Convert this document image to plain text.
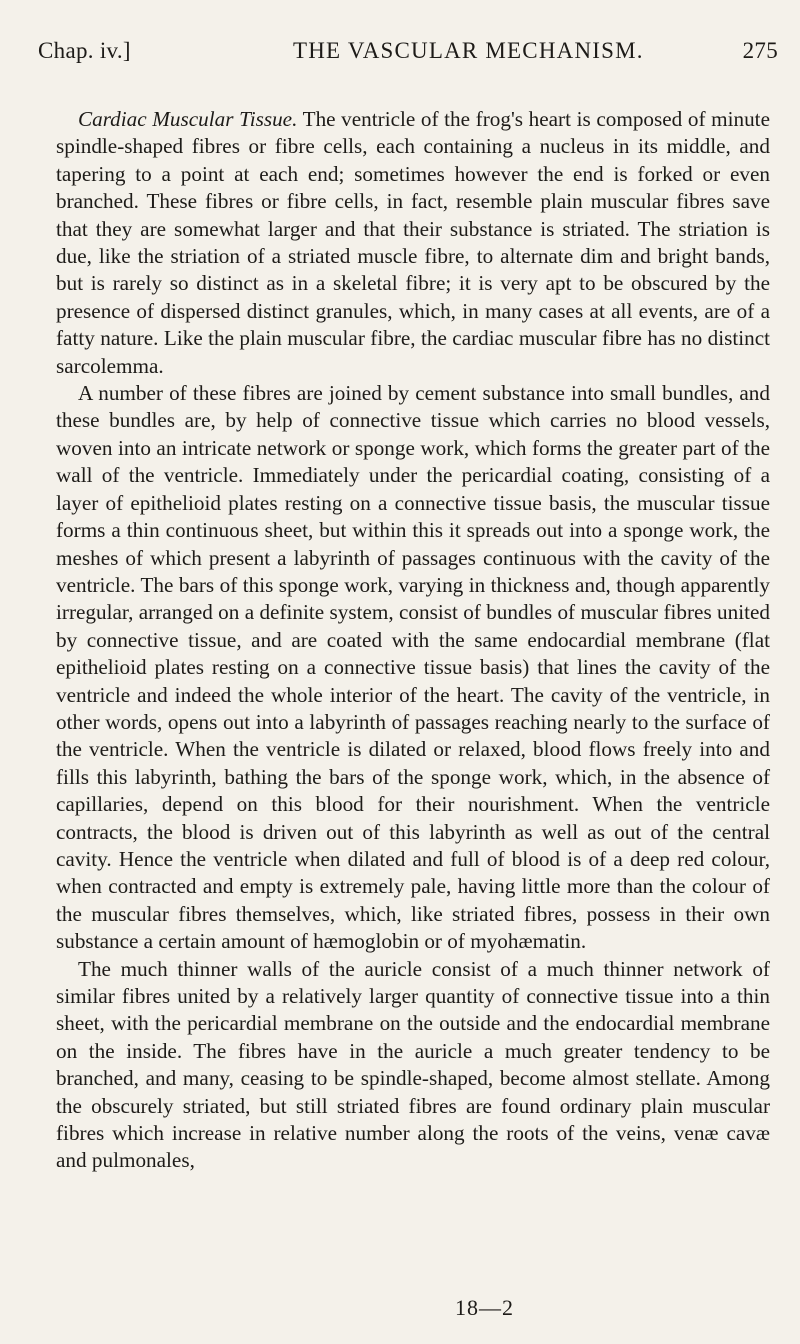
Chap. iv.]	THE VASCULAR MECHANISM.	275

Cardiac Muscular Tissue. The ventricle of the frog's heart is composed of minute spindle-shaped fibres or fibre cells, each containing a nucleus in its middle, and tapering to a point at each end; sometimes however the end is forked or even branched. These fibres or fibre cells, in fact, resemble plain muscular fibres save that they are somewhat larger and that their substance is striated. The striation is due, like the striation of a striated muscle fibre, to alternate dim and bright bands, but is rarely so distinct as in a skeletal fibre; it is very apt to be obscured by the presence of dispersed distinct granules, which, in many cases at all events, are of a fatty nature. Like the plain muscular fibre, the cardiac muscular fibre has no distinct sarcolemma.

A number of these fibres are joined by cement substance into small bundles, and these bundles are, by help of connective tissue which carries no blood vessels, woven into an intricate network or sponge work, which forms the greater part of the wall of the ventricle. Immediately under the pericardial coating, consisting of a layer of epithelioid plates resting on a connective tissue basis, the muscular tissue forms a thin continuous sheet, but within this it spreads out into a sponge work, the meshes of which present a labyrinth of passages continuous with the cavity of the ventricle. The bars of this sponge work, varying in thickness and, though apparently irregular, arranged on a definite system, consist of bundles of muscular fibres united by connective tissue, and are coated with the same endocardial membrane (flat epithelioid plates resting on a connective tissue basis) that lines the cavity of the ventricle and indeed the whole interior of the heart. The cavity of the ventricle, in other words, opens out into a labyrinth of passages reaching nearly to the surface of the ventricle. When the ventricle is dilated or relaxed, blood flows freely into and fills this labyrinth, bathing the bars of the sponge work, which, in the absence of capillaries, depend on this blood for their nourishment. When the ventricle contracts, the blood is driven out of this labyrinth as well as out of the central cavity. Hence the ventricle when dilated and full of blood is of a deep red colour, when contracted and empty is extremely pale, having little more than the colour of the muscular fibres themselves, which, like striated fibres, possess in their own substance a certain amount of hæmoglobin or of myohæmatin.

The much thinner walls of the auricle consist of a much thinner network of similar fibres united by a relatively larger quantity of connective tissue into a thin sheet, with the pericardial membrane on the outside and the endocardial membrane on the inside. The fibres have in the auricle a much greater tendency to be branched, and many, ceasing to be spindle-shaped, become almost stellate. Among the obscurely striated, but still striated fibres are found ordinary plain muscular fibres which increase in relative number along the roots of the veins, venæ cavæ and pulmonales,

18—2
